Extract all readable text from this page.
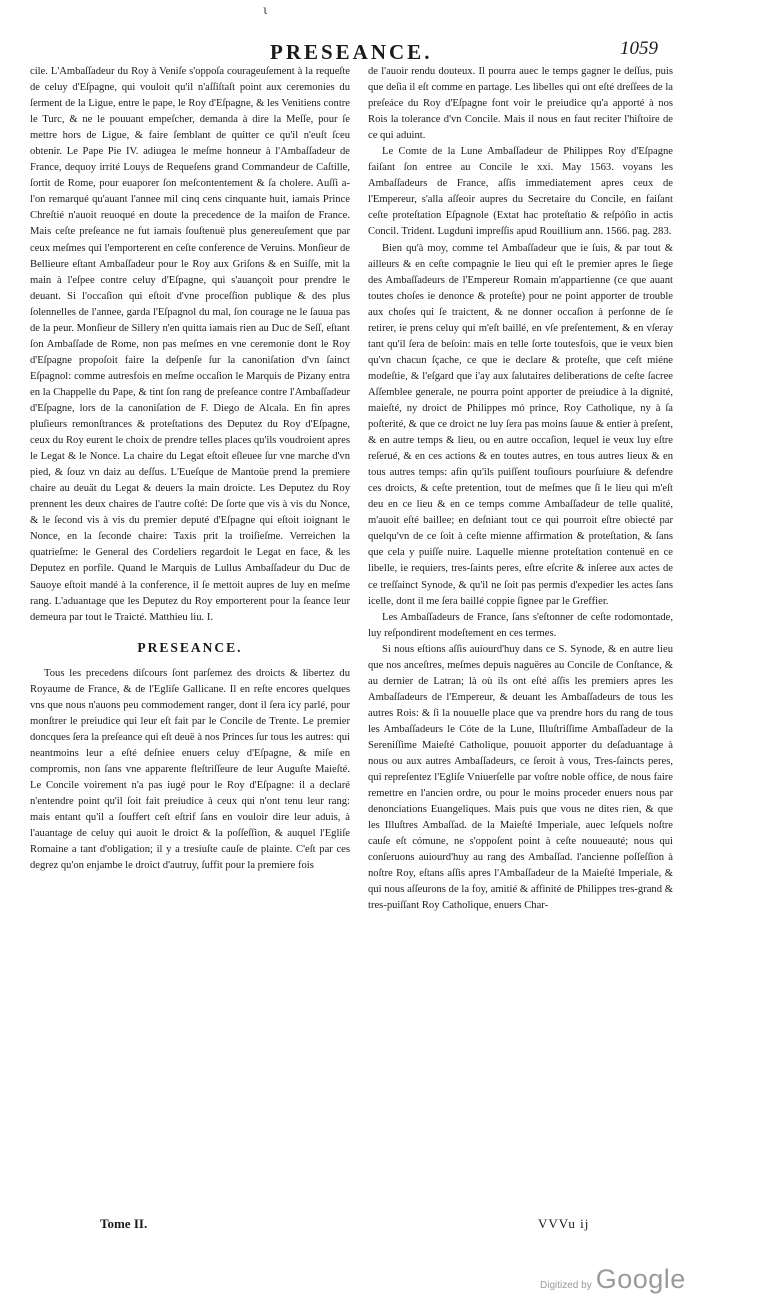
ι
PRESEANCE.	1059

cile. L'Ambaſſadeur du Roy à Veniſe s'oppoſa courageuſement à la requeſte de celuy d'Eſpagne, qui vouloit qu'il n'aſſiſtaſt point aux ceremonies du ſerment de la Ligue, entre le pape, le Roy d'Eſpagne, & les Venitiens contre le Turc, & ne le pouuant empeſcher, demanda à dire la Meſſe, pour ſe mettre hors de Ligue, & faire ſemblant de quitter ce qu'il n'euſt ſceu obtenir. Le Pape Pie IV. adiugea le meſme honneur à l'Ambaſſadeur de France, dequoy irrité Louys de Requeſens grand Commandeur de Caſtille, ſortit de Rome, pour euaporer ſon meſcontentement & ſa cholere. Auſſi a-l'on remarqué qu'auant l'annee mil cinq cens cinquante huit, iamais Prince Chreſtié n'auoit reuoqué en doute la precedence de la maiſon de France. Mais ceſte preſeance ne fut iamais ſouſtenuë plus genereuſement que par ceux meſmes qui l'emporterent en ceſte conference de Veruins. Monſieur de Bellieure eſtant Ambaſſadeur pour le Roy aux Griſons & en Suiſſe, mit la main à l'eſpee contre celuy d'Eſpagne, qui s'auançoit pour prendre le deuant. Si l'occaſion qui eſtoit d'vne proceſſion publique & des plus ſolennelles de l'annee, garda l'Eſpagnol du mal, ſon courage ne le ſauua pas de la peur. Monſieur de Sillery n'en quitta iamais rien au Duc de Seſſ, eſtant ſon Ambaſſade de Rome, non pas meſmes en vne ceremonie dont le Roy d'Eſpagne propoſoit faire la deſpenſe ſur la canoniſation d'vn ſainct Eſpagnol: comme autresfois en meſme occaſion le Marquis de Pizany entra en la Chappelle du Pape, & tint ſon rang de preſeance contre l'Ambaſſadeur d'Eſpagne, lors de la canoniſation de F. Diego de Alcala. En fin apres pluſieurs remonſtrances & proteſtations des Deputez du Roy d'Eſpagne, ceux du Roy eurent le choix de prendre telles places qu'ils voudroient apres le Legat & le Nonce. La chaire du Legat eſtoit eſleuee ſur vne marche d'vn pied, & ſouz vn daiz au deſſus. L'Eueſque de Mantoüe prend la premiere chaire au deuät du Legat & deuers la main droicte. Les Deputez du Roy prennent les deux chaires de l'autre coſté: De ſorte que vis à vis du Nonce, & le ſecond vis à vis du premier deputé d'Eſpagne qui eſtoit ioignant le Nonce, en la ſeconde chaire: Taxis prit la troiſieſme. Verreichen la quatrieſme: le General des Cordeliers regardoit le Legat en face, & les Deputez en porfile. Quand le Marquis de Lullus Ambaſſadeur du Duc de Sauoye eſtoit mandé à la conference, il ſe mettoit aupres de luy en meſme rang. L'aduantage que les Deputez du Roy emporterent pour la ſeance leur demeura par tout le Traicté. Matthieu liu. I.

PRESEANCE.

Tous les precedens diſcours ſont parſemez des droicts & libertez du Royaume de France, & de l'Egliſe Gallicane. Il en reſte encores quelques vns que nous n'auons peu commodement ranger, dont il ſera icy parlé, pour monſtrer le preiudice qui leur eſt fait par le Concile de Trente. Le premier doncques ſera la preſeance qui eſt deuë à nos Princes ſur tous les autres: qui neantmoins leur a eſté deſniee enuers celuy d'Eſpagne, & miſe en compromis, non ſans vne apparente fleſtriſſeure de leur Auguſte Maieſté. Le Concile voirement n'a pas iugé pour le Roy d'Eſpagne: il a declaré n'entendre point qu'il ſoit fait preiudice à ceux qui n'ont tenu leur rang: mais entant qu'il a ſouffert ceſt eſtrif ſans en vouloir dire leur aduis, à l'auantage de celuy qui auoit le droict & la poſſeſſion, & auquel l'Egliſe Romaine a tant d'obligation; il y a tresiuſte cauſe de plainte. C'eſt par ces degrez qu'on enjambe le droict d'autruy, ſuffit pour la premiere fois

de l'auoir rendu douteux. Il pourra auec le temps gagner le deſſus, puis que deſia il eſt comme en partage. Les libelles qui ont eſté dreſſees de la preſeáce du Roy d'Eſpagne font voir le preiudice qu'a apporté à nos Rois la tolerance d'vn Concile. Mais il nous en faut reciter l'hiſtoire de ce qui aduint.

Le Comte de la Lune Ambaſſadeur de Philippes Roy d'Eſpagne faiſant ſon entree au Concile le xxi. May 1563. voyans les Ambaſſadeurs de France, aſſis immediatement apres ceux de l'Empereur, s'alla aſſeoir aupres du Secretaire du Concile, en faiſant ceſte proteſtation Eſpagnole (Extat hac proteſtatio & reſpóſio in actis Concil. Trident. Lugduni impreſſis apud Rouillium ann. 1566. pag. 283.

Bien qu'à moy, comme tel Ambaſſadeur que ie ſuis, & par tout & ailleurs & en ceſte compagnie le lieu qui eſt le premier apres le ſiege des Ambaſſadeurs de l'Empereur Romain m'appartienne (ce que auant toutes choſes ie denonce & proteſte) pour ne point apporter de trouble aux choſes qui ſe traictent, & ne donner occaſion à perſonne de ſe retirer, ie prens celuy qui m'eſt baillé, en vſe preſentement, & en vſeray tant qu'il ſera de beſoin: mais en telle ſorte toutesfois, que ie veux bien qu'vn chacun ſçache, ce que ie declare & proteſte, que ceſt miéne modeſtie, & l'eſgard que i'ay aux ſalutaires deliberations de ceſte ſacree Aſſemblee generale, ne pourra point apporter de preiudice à la dignité, maieſté, ny droict de Philippes mó prince, Roy Catholique, ny à ſa poſterité, & que ce droict ne luy ſera pas moins ſauue & entier à preſent, & en autre temps & lieu, ou en autre occaſion, lequel ie veux luy eſtre reſerué, & en ces actions & en toutes autres, en tous autres lieux & en tous autres temps: afin qu'ils puiſſent touſiours pourſuiure & defendre ces droicts, & ceſte pretention, tout de meſmes que ſi le lieu qui m'eſt deu en ce lieu & en ce temps comme Ambaſſadeur de telle qualité, m'auoit eſté baillee; en deſniant tout ce qui pourroit eſtre obiecté par quelqu'vn de ce ſoit à ceſte mienne affirmation & proteſtation, & ſans que cela y puiſſe nuire. Laquelle mienne proteſtation contenuë en ce libelle, ie requiers, tres-ſaints peres, eſtre eſcrite & inſeree aux actes de ce treſſainct Synode, & qu'il ne ſoit pas permis d'expedier les actes ſans icelle, dont il me ſera baillé coppie ſignee par le Greffier.

Les Ambaſſadeurs de France, ſans s'eſtonner de ceſte rodomontade, luy reſpondirent modeſtement en ces termes.

Si nous eſtions aſſis auiourd'huy dans ce S. Synode, & en autre lieu que nos anceſtres, meſmes depuis naguëres au Concile de Conſtance, & au dernier de Latran; là où ils ont eſté aſſis les premiers apres les Ambaſſadeurs de l'Empereur, & deuant les Ambaſſadeurs de tous les autres Rois: & ſi la nouuelle place que va prendre hors du rang de tous les Ambaſſadeurs le Cóte de la Lune, Illuſtriſſime Ambaſſadeur de la Sereniſſime Maieſté Catholique, pouuoit apporter du deſaduantage à nous ou aux autres Ambaſſadeurs, ce ſeroit à vous, Tres-ſaincts peres, qui repreſentez l'Egliſe Vniuerſelle par voſtre noble office, de nous faire remettre en l'ancien ordre, ou pour le moins proceder enuers nous par denonciations Euangeliques. Mais puis que vous ne dites rien, & que les Illuſtres Ambaſſad. de la Maieſté Imperiale, auec leſquels noſtre cauſe eſt cómune, ne s'oppoſent point à ceſte nouueauté; nous qui conſeruons auiourd'huy au rang des Ambaſſad. l'ancienne poſſeſſion à noſtre Roy, eſtans aſſis apres l'Ambaſſadeur de la Maieſté Imperiale, & qui nous aſſeurons de la foy, amitié & affinité de Philippes tres-grand & tres-puiſſant Roy Catholique, enuers Char-

Tome II.	VVVu ij
Digitized by Google
